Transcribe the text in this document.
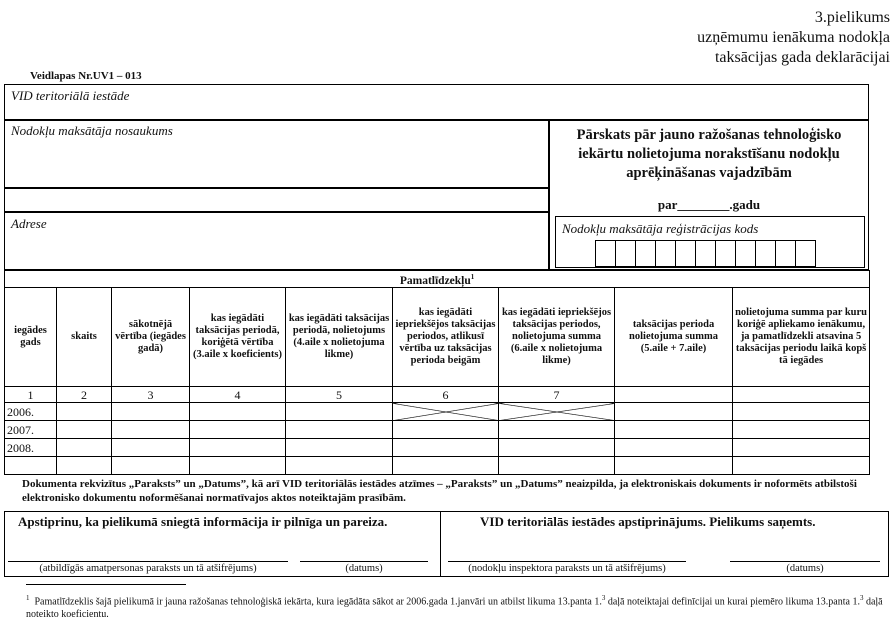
3.pielikums
uzņēmumu ienākuma nodokļa
taksācijas gada deklarācijai
Veidlapas Nr.UV1 – 013
VID teritoriālā iestāde
Nodokļu maksātāja nosaukums
Adrese
Pārskats pār jauno ražošanas tehnoloģisko iekārtu nolietojuma norakstīšanu nodokļu aprēķināšanas vajadzībām
par________.gadu
Nodokļu maksātāja reģistrācijas kods
Pamatlīdzekļu$^1$
iegādes gads	skaits	sākotnējā vērtība (iegādes gadā)	kas iegādāti taksācijas periodā, koriģētā vērtība (3.aile x koeficients)	kas iegādāti taksācijas periodā, nolietojums (4.aile x nolietojuma likme)	kas iegādāti iepriekšējos taksācijas periodos, atlikusī vērtība uz taksācijas perioda beigām	kas iegādāti iepriekšējos taksācijas periodos, nolietojuma summa (6.aile x nolietojuma likme)	taksācijas perioda nolietojuma summa (5.aile + 7.aile)	nolietojuma summa par kuru koriģē apliekamo ienākumu, ja pamatlīdzekli atsavina 5 taksācijas periodu laikā kopš tā iegādes
1	2	3	4	5	6	7		
2006.								
2007.								
2008.								

Dokumenta rekvizītus „Paraksts” un „Datums”, kā arī VID teritoriālās iestādes atzīmes – „Paraksts” un „Datums” neaizpilda, ja elektroniskais dokuments ir noformēts atbilstoši elektronisko dokumentu noformēšanai normatīvajos aktos noteiktajām prasībām.
Apstiprinu, ka pielikumā sniegtā informācija ir pilnīga un pareiza.	VID teritoriālās iestādes apstiprinājums. Pielikums saņemts.
(atbildīgās amatpersonas paraksts un tā atšifrējums)	(datums)	(nodokļu inspektora paraksts un tā atšifrējums)	(datums)
$^1$ Pamatlīdzeklis šajā pielikumā ir jauna ražošanas tehnoloģiskā iekārta, kura iegādāta sākot ar 2006.gada 1.janvāri un atbilst likuma 13.panta 1.$^3$ daļā noteiktajai definīcijai un kurai piemēro likuma 13.panta 1.$^3$ daļā noteikto koeficientu.
